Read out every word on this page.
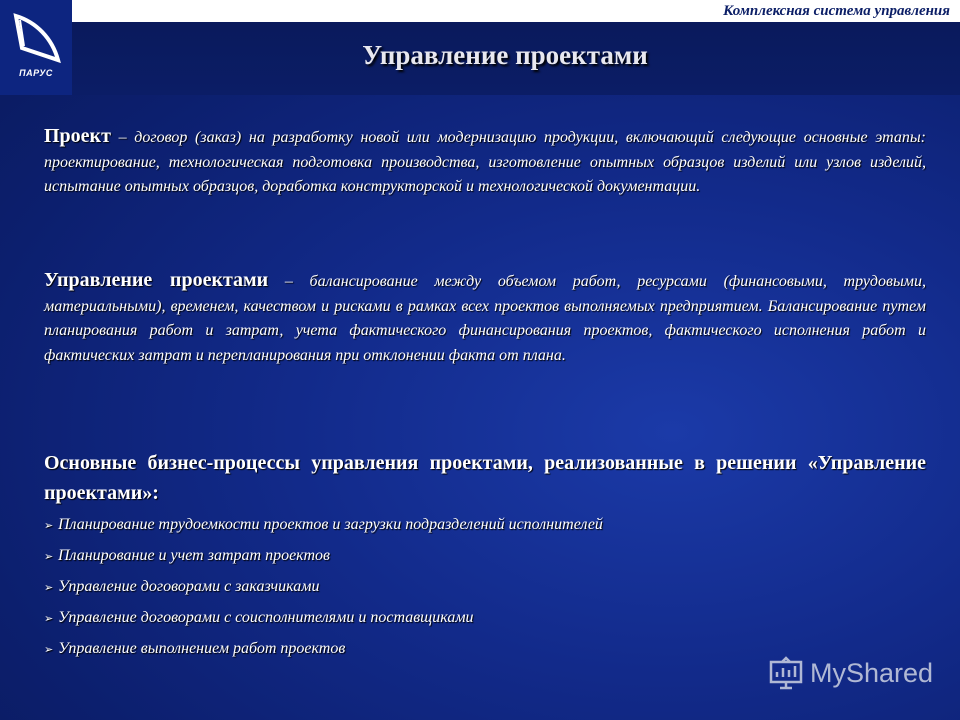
ПАРУС
Комплексная система управления
Управление проектами
Проект – договор (заказ) на разработку новой или модернизацию продукции, включающий следующие основные этапы: проектирование, технологическая подготовка производства, изготовление опытных образцов изделий или узлов изделий, испытание опытных образцов, доработка конструкторской и технологической документации.
Управление проектами – балансирование между объемом работ, ресурсами (финансовыми, трудовыми, материальными), временем, качеством и рисками в рамках всех проектов выполняемых предприятием. Балансирование путем планирования работ и затрат, учета фактического финансирования проектов, фактического исполнения работ и фактических затрат и перепланирования при отклонении факта от плана.
Основные бизнес-процессы управления проектами, реализованные в решении «Управление проектами»:
➢ Планирование трудоемкости проектов и загрузки подразделений исполнителей
➢ Планирование и учет затрат проектов
➢ Управление договорами с заказчиками
➢ Управление договорами с соисполнителями и поставщиками
➢ Управление выполнением работ проектов
MyShared
